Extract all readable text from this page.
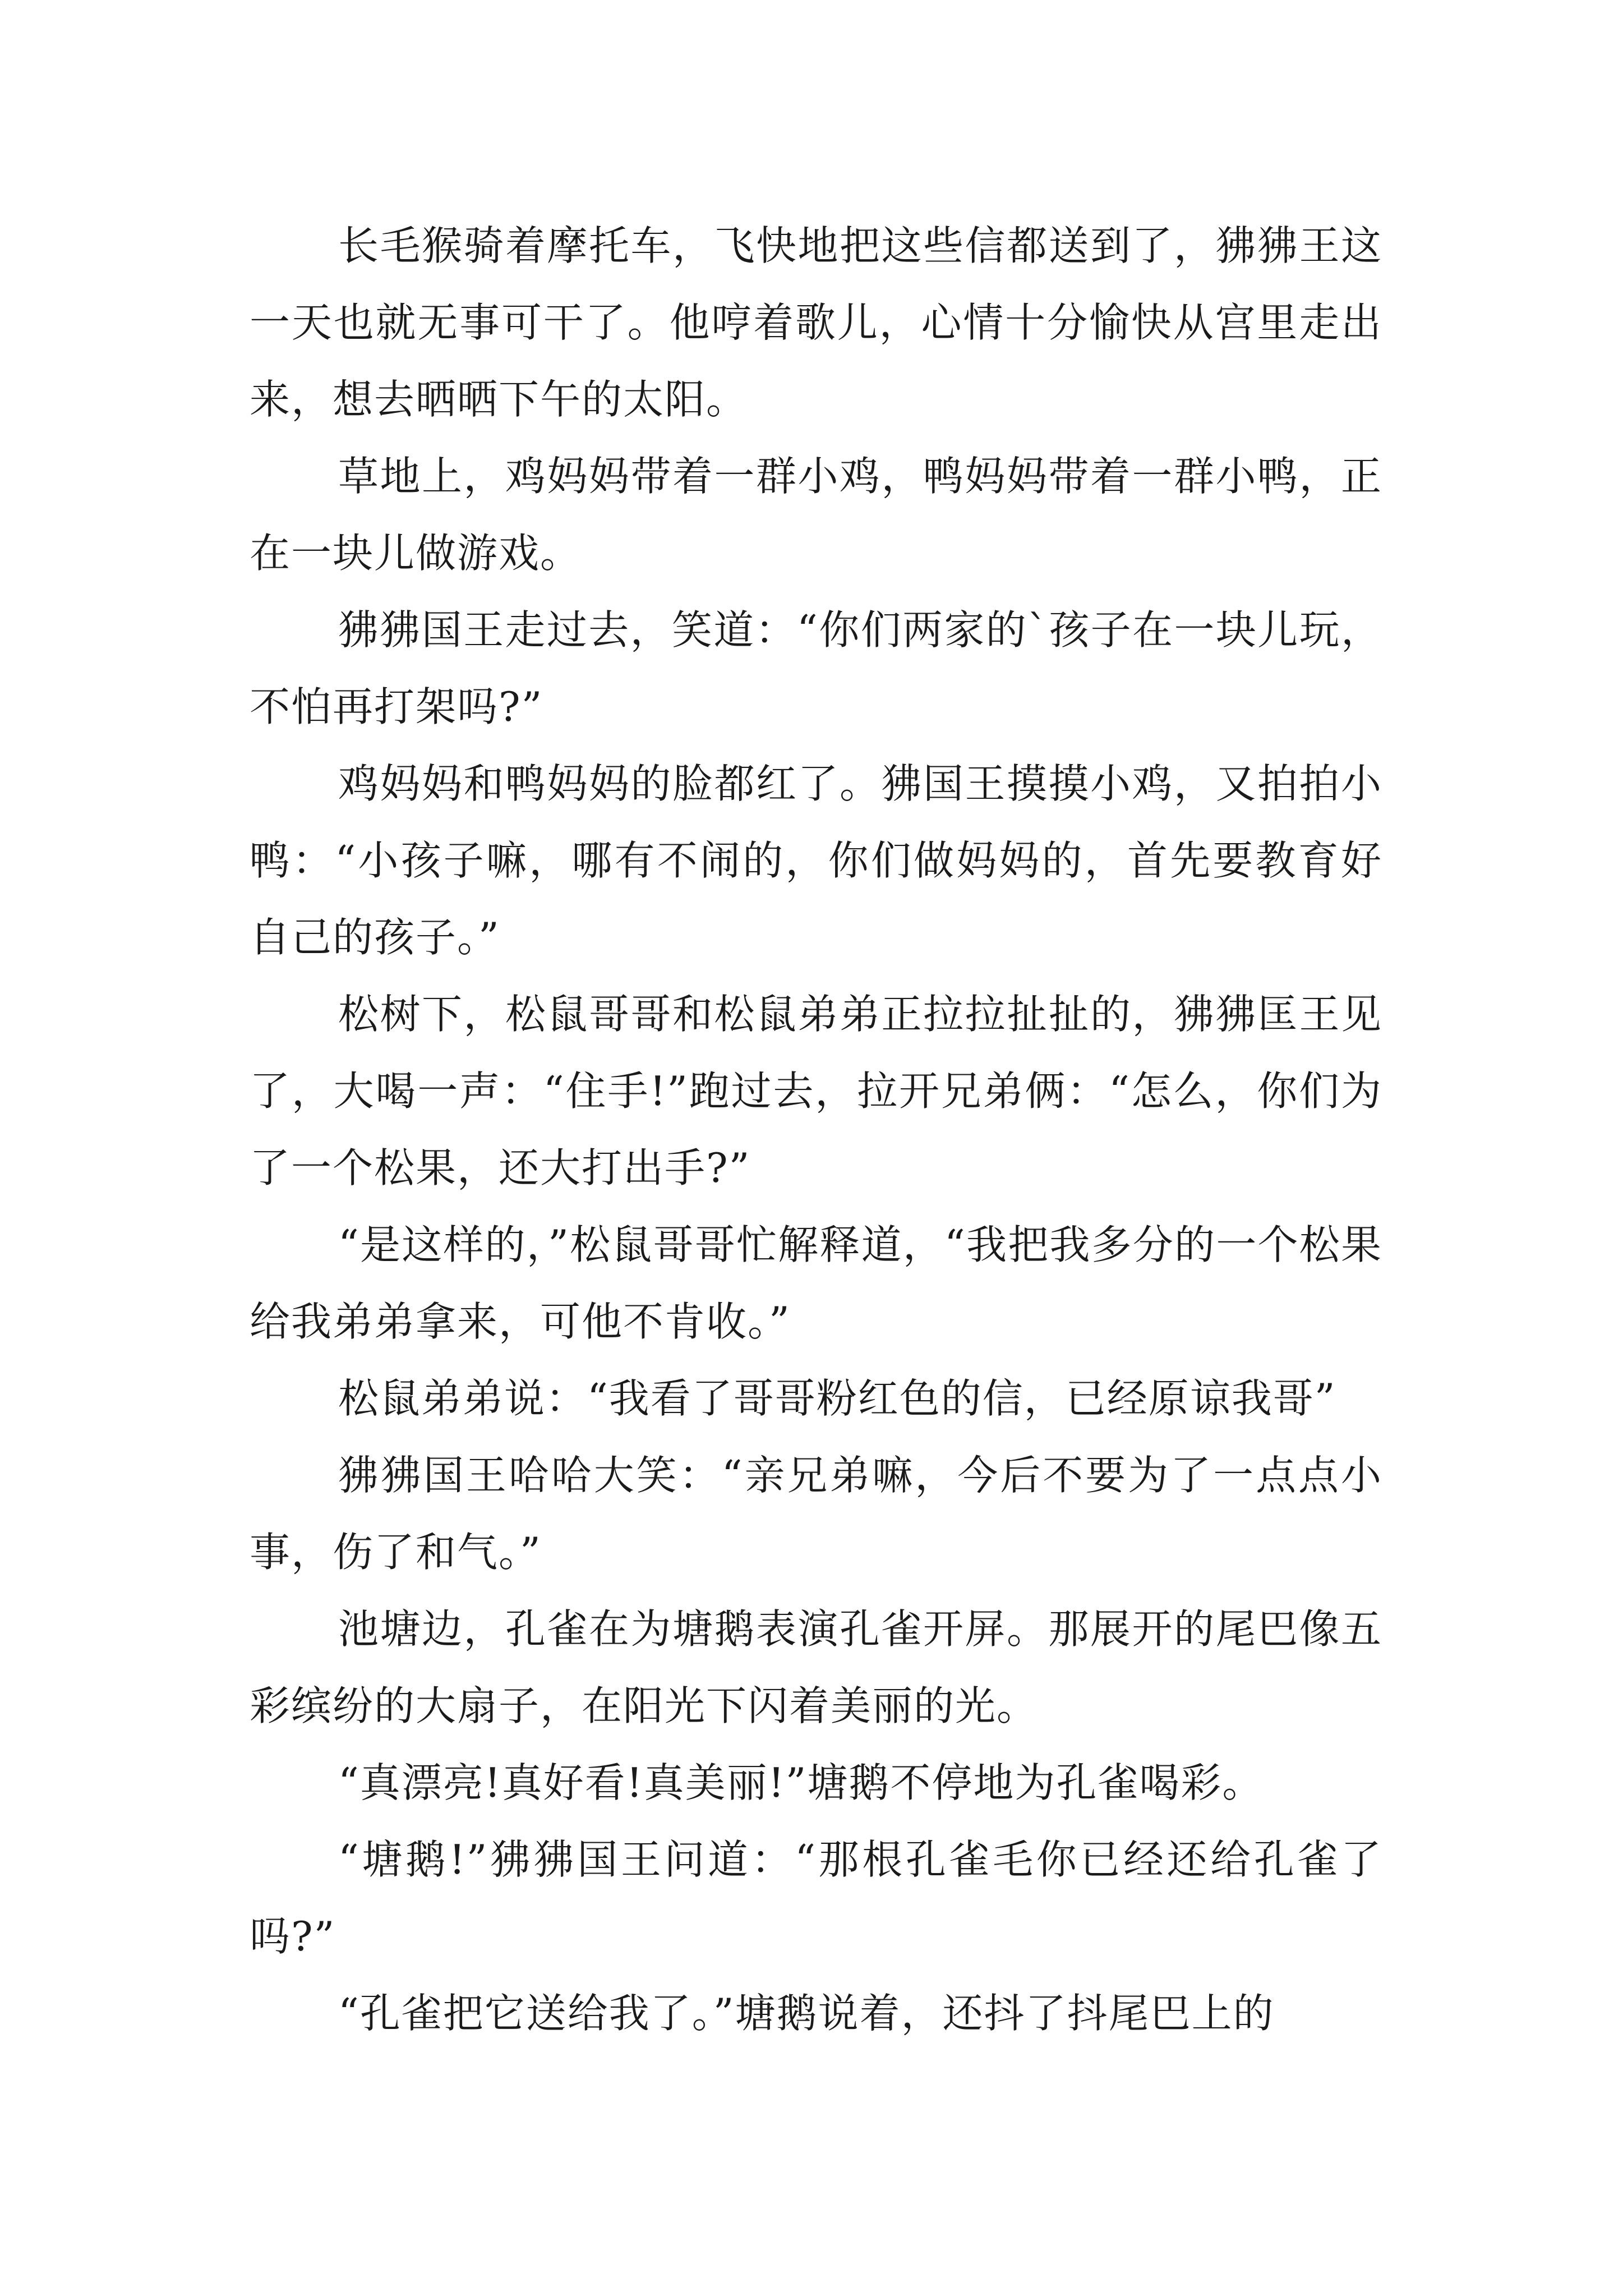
长毛猴骑着摩托车，飞快地把这些信都送到了，狒狒王这一天也就无事可干了。他哼着歌儿，心情十分愉快从宫里走出来，想去晒晒下午的太阳。

草地上，鸡妈妈带着一群小鸡，鸭妈妈带着一群小鸭，正在一块儿做游戏。

狒狒国王走过去，笑道：“你们两家的`孩子在一块儿玩，不怕再打架吗?”

鸡妈妈和鸭妈妈的脸都红了。狒国王摸摸小鸡，又拍拍小鸭：“小孩子嘛，哪有不闹的，你们做妈妈的，首先要教育好自己的孩子。”

松树下，松鼠哥哥和松鼠弟弟正拉拉扯扯的，狒狒匡王见了，大喝一声：“住手!”跑过去，拉开兄弟俩：“怎么，你们为了一个松果，还大打出手?”

“是这样的，”松鼠哥哥忙解释道，“我把我多分的一个松果给我弟弟拿来，可他不肯收。”

松鼠弟弟说：“我看了哥哥粉红色的信，已经原谅我哥”

狒狒国王哈哈大笑：“亲兄弟嘛，今后不要为了一点点小事，伤了和气。”

池塘边，孔雀在为塘鹅表演孔雀开屏。那展开的尾巴像五彩缤纷的大扇子，在阳光下闪着美丽的光。

“真漂亮!真好看!真美丽!”塘鹅不停地为孔雀喝彩。

“塘鹅!”狒狒国王问道：“那根孔雀毛你已经还给孔雀了吗?”

“孔雀把它送给我了。”塘鹅说着，还抖了抖尾巴上的
